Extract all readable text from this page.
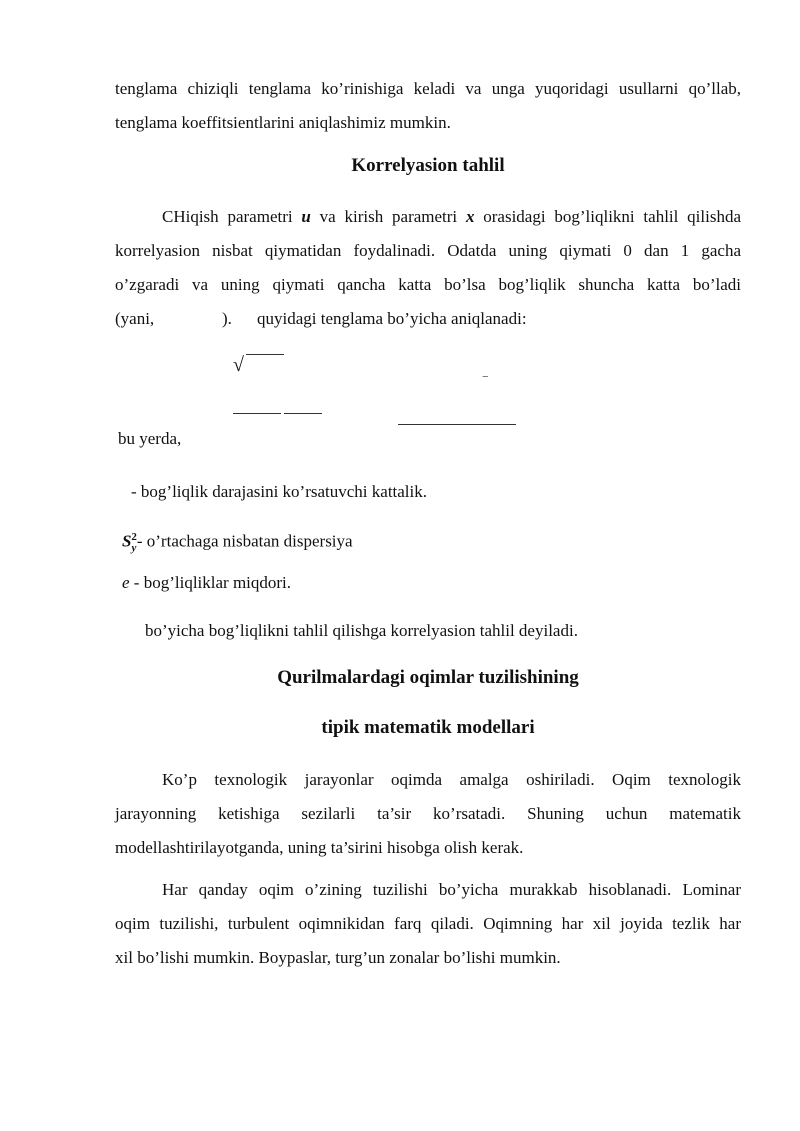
tenglama chiziqli tenglama ko’rinishiga keladi va unga yuqoridagi usullarni qo’llab,

tenglama koeffitsientlarini aniqlashimiz mumkin.

Korrelyasion tahlil

CHiqish parametri u va kirish parametri x orasidagi bog’liqlikni tahlil qilishda

korrelyasion nisbat qiymatidan foydalinadi. Odatda uning qiymati 0 dan 1 gacha

o’zgaradi va uning qiymati qancha katta bo’lsa bog’liqlik shuncha katta bo’ladi

(yani,	). quyidagi tenglama bo’yicha aniqlanadi:

√
‾

bu yerda,

- bog’liqlik darajasini ko’rsatuvchi kattalik.

$S_y^2-$ o’rtachaga nisbatan dispersiya

e - bog’liqliklar miqdori.

bo’yicha bog’liqlikni tahlil qilishga korrelyasion tahlil deyiladi.

Qurilmalardagi oqimlar tuzilishining
tipik matematik modellari

Ko’p texnologik jarayonlar oqimda amalga oshiriladi. Oqim texnologik

jarayonning ketishiga sezilarli ta’sir ko’rsatadi. Shuning uchun matematik

modellashtirilayotganda, uning ta’sirini hisobga olish kerak.

Har qanday oqim o’zining tuzilishi bo’yicha murakkab hisoblanadi. Lominar

oqim tuzilishi, turbulent oqimnikidan farq qiladi. Oqimning har xil joyida tezlik har

xil bo’lishi mumkin. Boypaslar, turg’un zonalar bo’lishi mumkin.
